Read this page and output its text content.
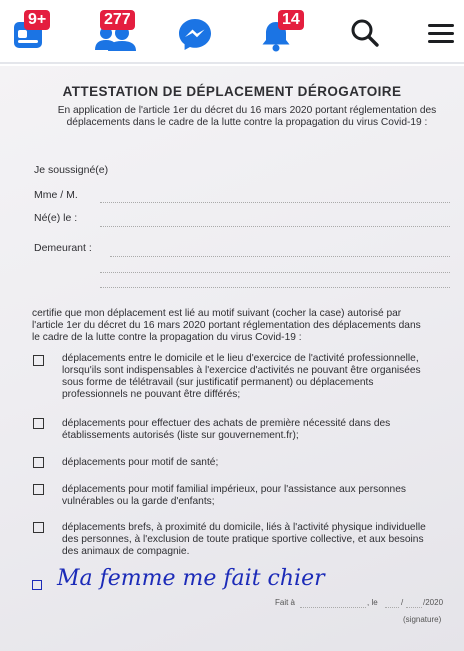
9+	277	14
ATTESTATION DE DÉPLACEMENT DÉROGATOIRE
En application de l'article 1er du décret du 16 mars 2020 portant réglementation des
déplacements dans le cadre de la lutte contre la propagation du virus Covid-19 :
Je soussigné(e)
Mme / M.
Né(e) le :
Demeurant :
certifie que mon déplacement est lié au motif suivant (cocher la case) autorisé par
l'article 1er du décret du 16 mars 2020 portant réglementation des déplacements dans
le cadre de la lutte contre la propagation du virus Covid-19 :
déplacements entre le domicile et le lieu d'exercice de l'activité professionnelle,
lorsqu'ils sont indispensables à l'exercice d'activités ne pouvant être organisées
sous forme de télétravail (sur justificatif permanent) ou déplacements
professionnels ne pouvant être différés;
déplacements pour effectuer des achats de première nécessité dans des
établissements autorisés (liste sur gouvernement.fr);
déplacements pour motif de santé;
déplacements pour motif familial impérieux, pour l'assistance aux personnes
vulnérables ou la garde d'enfants;
déplacements brefs, à proximité du domicile, liés à l'activité physique individuelle
des personnes, à l'exclusion de toute pratique sportive collective, et aux besoins
des animaux de compagnie.
Ma femme me fait chier
Fait à	, le	/ /2020
(signature)
